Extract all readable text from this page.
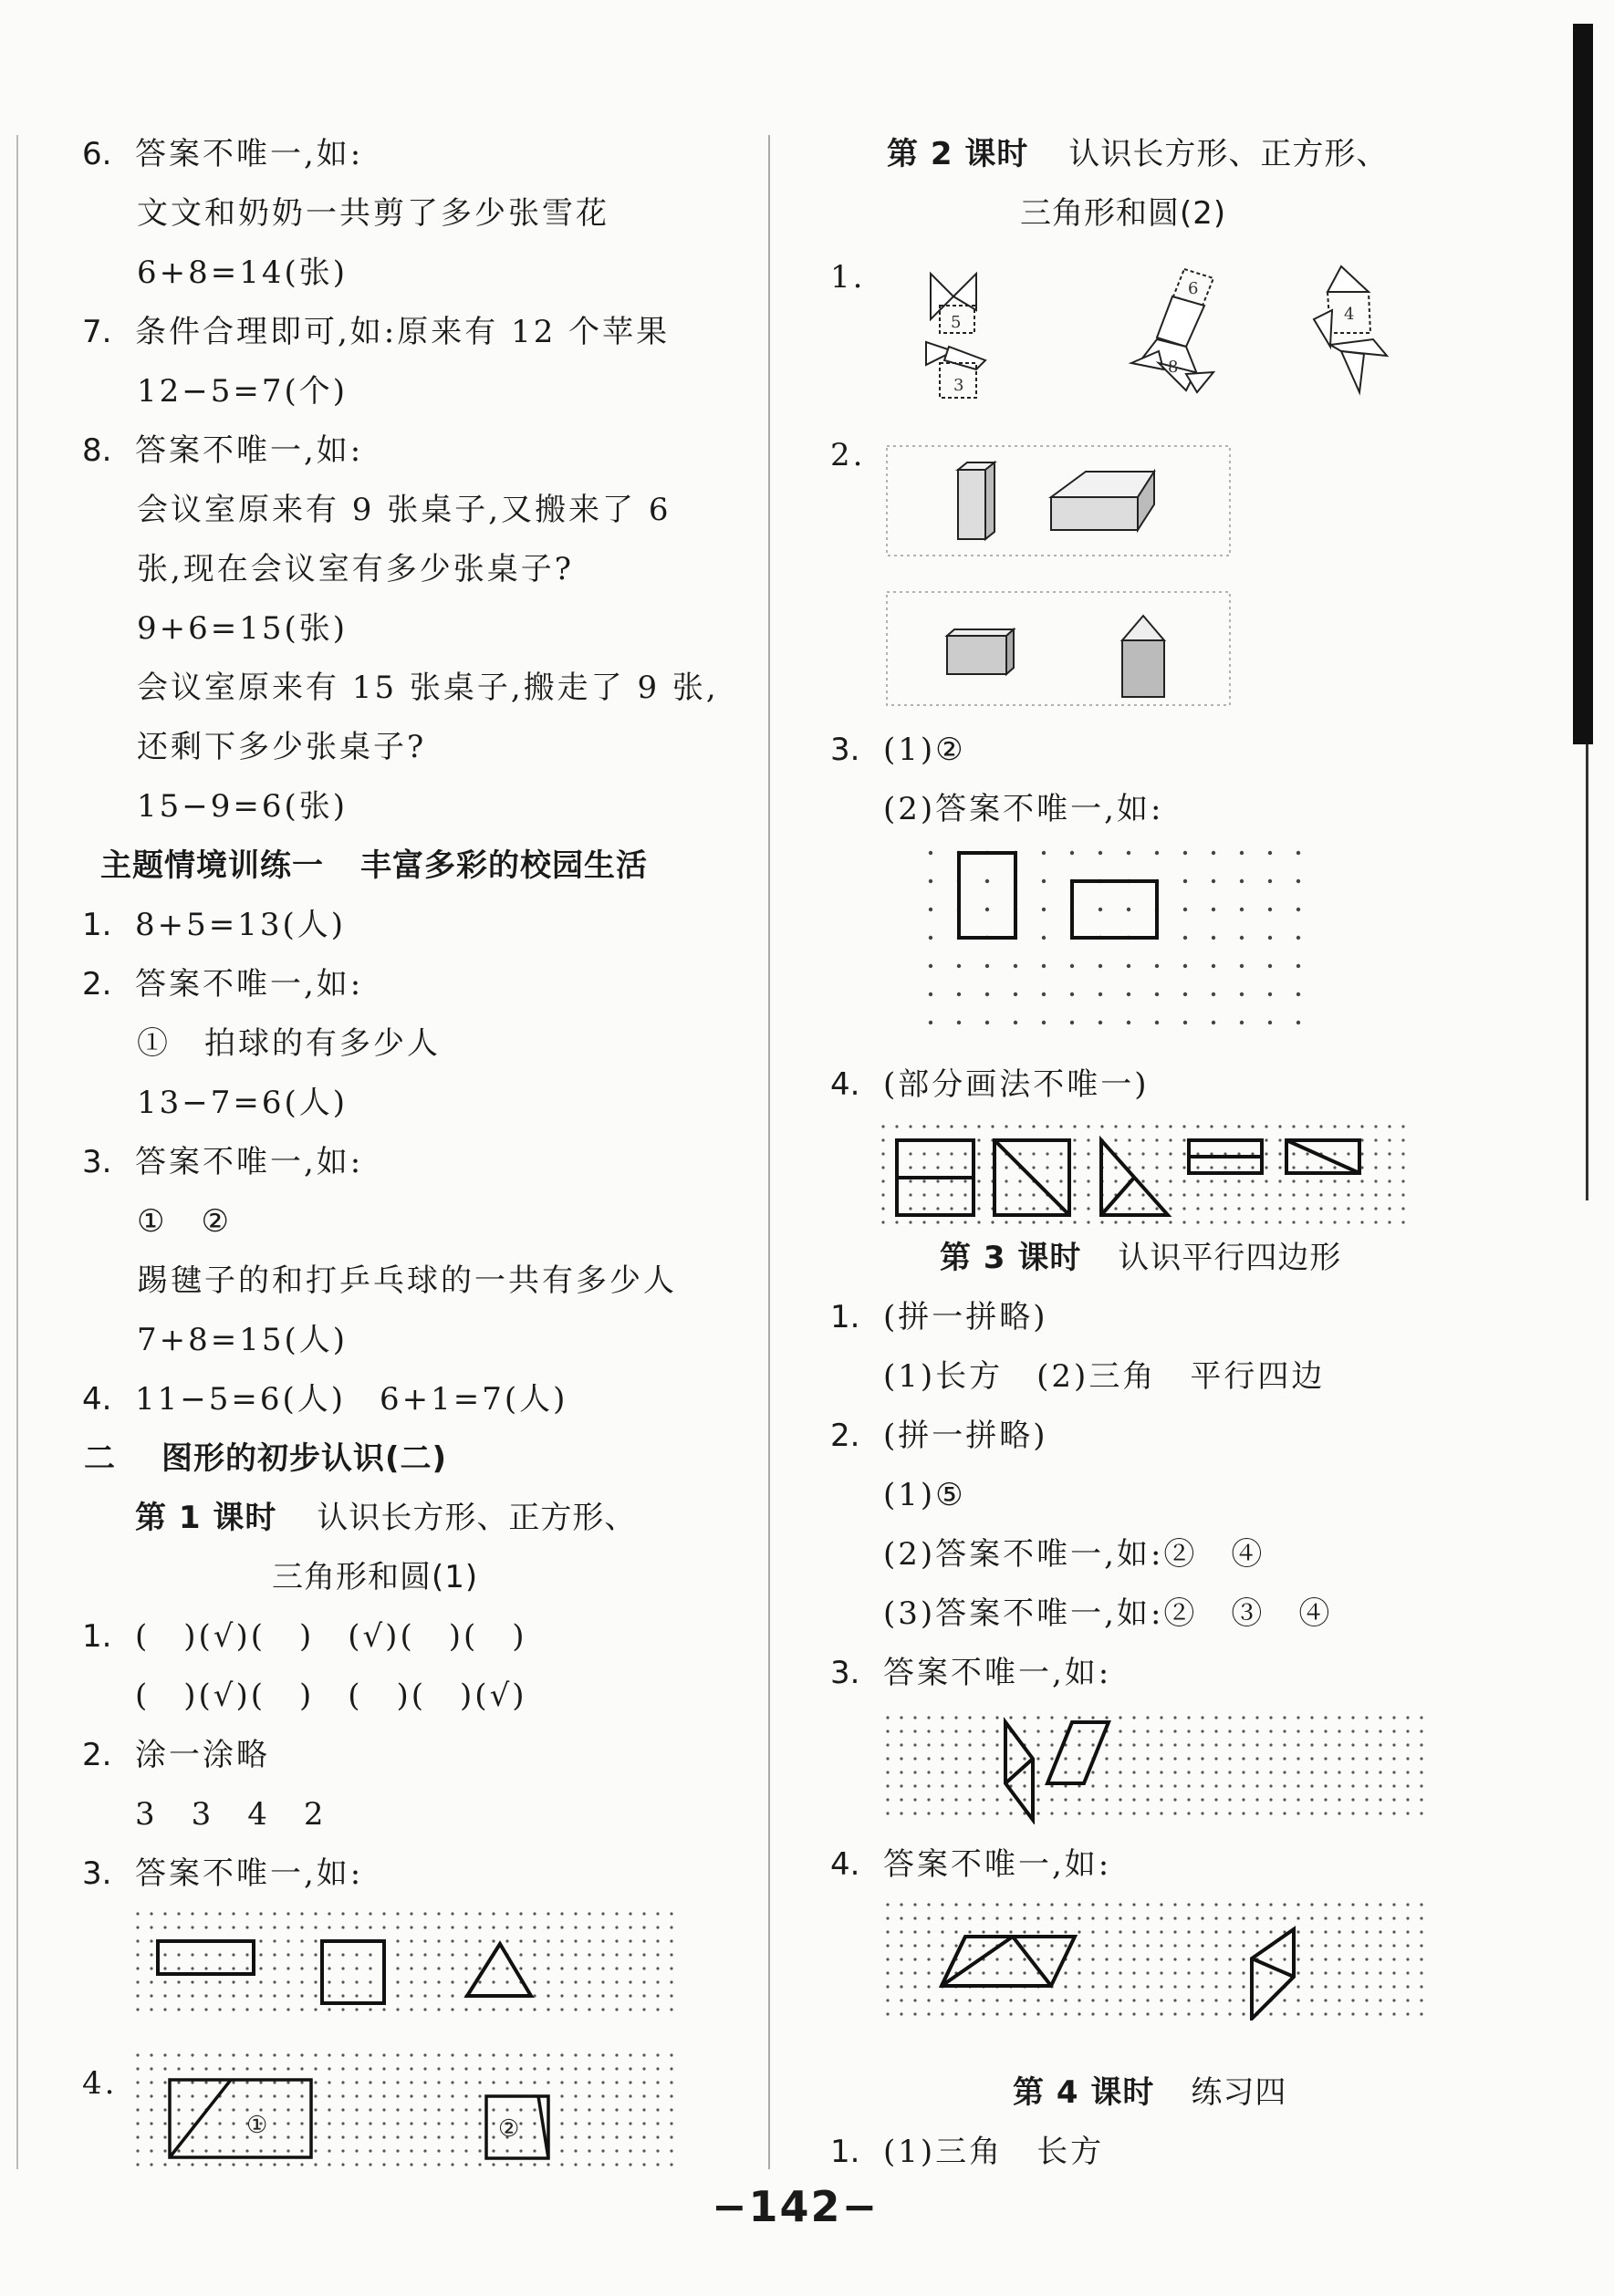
6. 答案不唯一,如:
文文和奶奶一共剪了多少张雪花
6+8=14(张)
7. 条件合理即可,如:原来有 12 个苹果
12−5=7(个)
8. 答案不唯一,如:
会议室原来有 9 张桌子,又搬来了 6
张,现在会议室有多少张桌子?
9+6=15(张)
会议室原来有 15 张桌子,搬走了 9 张,
还剩下多少张桌子?
15−9=6(张)
主题情境训练一 丰富多彩的校园生活
1. 8+5=13(人)
2. 答案不唯一,如:
①　拍球的有多少人
13−7=6(人)
3. 答案不唯一,如:
①　②
踢毽子的和打乒乓球的一共有多少人
7+8=15(人)
4. 11−5=6(人)　6+1=7(人)
二 图形的初步认识(二)
第 1 课时 认识长方形、正方形、
三角形和圆(1)
1. (　)(√)(　)　(√)(　)(　)
(　)(√)(　)　(　)(　)(√)
2. 涂一涂略
3　3　4　2
3. 答案不唯一,如:
4.
①	②
第 2 课时 认识长方形、正方形、
三角形和圆(2)
1.
5
3
6
8
4
2.
3. (1)②
(2)答案不唯一,如:
4. (部分画法不唯一)
第 3 课时 认识平行四边形
1. (拼一拼略)
(1)长方　(2)三角　平行四边
2. (拼一拼略)
(1)⑤
(2)答案不唯一,如:②　④
(3)答案不唯一,如:②　③　④
3. 答案不唯一,如:
4. 答案不唯一,如:
第 4 课时 练习四
1. (1)三角　长方
−142−
